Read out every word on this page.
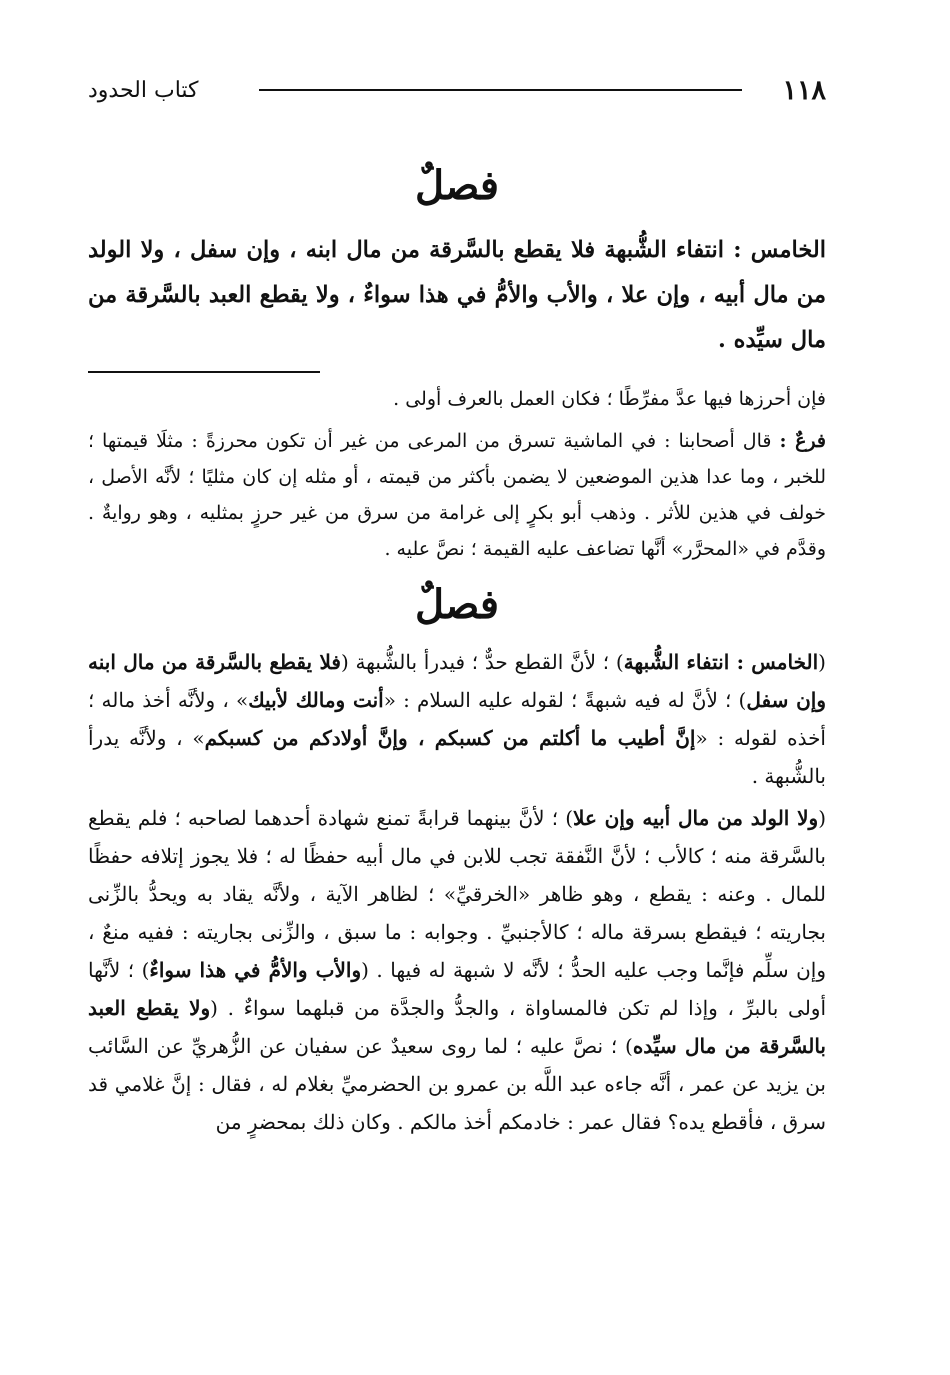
١١٨
كتاب الحدود
فصلٌ

الخامس : انتفاء الشُّبهة فلا يقطع بالسَّرقة من مال ابنه ، وإن سفل ، ولا الولد من مال أبيه ، وإن علا ، والأب والأمُّ في هذا سواءٌ ، ولا يقطع العبد بالسَّرقة من مال سيِّده .

فإن أحرزها فيها عدَّ مفرِّطًا ؛ فكان العمل بالعرف أولى .

فرعٌ : قال أصحابنا : في الماشية تسرق من المرعى من غير أن تكون محرزةً : مثلَا قيمتها ؛ للخبر ، وما عدا هذين الموضعين لا يضمن بأكثر من قيمته ، أو مثله إن كان مثليًا ؛ لأنَّه الأصل ، خولف في هذين للأثر . وذهب أبو بكرٍ إلى غرامة من سرق من غير حرزٍ بمثليه ، وهو روايةٌ . وقدَّم في «المحرَّر» أنَّها تضاعف عليه القيمة ؛ نصَّ عليه .

فصلٌ

(الخامس : انتفاء الشُّبهة) ؛ لأنَّ القطع حدٌّ ؛ فيدرأ بالشُّبهة (فلا يقطع بالسَّرقة من مال ابنه وإن سفل) ؛ لأنَّ له فيه شبهةً ؛ لقوله عليه السلام : «أنت ومالك لأبيك» ، ولأنَّه أخذ ماله ؛ أخذه لقوله : «إنَّ أطيب ما أكلتم من كسبكم ، وإنَّ أولادكم من كسبكم» ، ولأنَّه يدرأ بالشُّبهة .

(ولا الولد من مال أبيه وإن علا) ؛ لأنَّ بينهما قرابةً تمنع شهادة أحدهما لصاحبه ؛ فلم يقطع بالسَّرقة منه ؛ كالأب ؛ لأنَّ النَّفقة تجب للابن في مال أبيه حفظًا له ؛ فلا يجوز إتلافه حفظًا للمال . وعنه : يقطع ، وهو ظاهر «الخرقيِّ» ؛ لظاهر الآية ، ولأنَّه يقاد به ويحدُّ بالزِّنى بجاريته ؛ فيقطع بسرقة ماله ؛ كالأجنبيِّ . وجوابه : ما سبق ، والزِّنى بجاريته : ففيه منعٌ ، وإن سلِّم فإنَّما وجب عليه الحدُّ ؛ لأنَّه لا شبهة له فيها . (والأب والأمُّ في هذا سواءٌ) ؛ لأنَّها أولى بالبرِّ ، وإذا لم تكن فالمساواة ، والجدُّ والجدَّة من قبلهما سواءٌ . (ولا يقطع العبد بالسَّرقة من مال سيِّده) ؛ نصَّ عليه ؛ لما روى سعيدٌ عن سفيان عن الزُّهريِّ عن السَّائب بن يزيد عن عمر ، أنَّه جاءه عبد اللَّه بن عمرو بن الحضرميِّ بغلام له ، فقال : إنَّ غلامي قد سرق ، فأقطع يده؟ فقال عمر : خادمكم أخذ مالكم . وكان ذلك بمحضرٍ من
